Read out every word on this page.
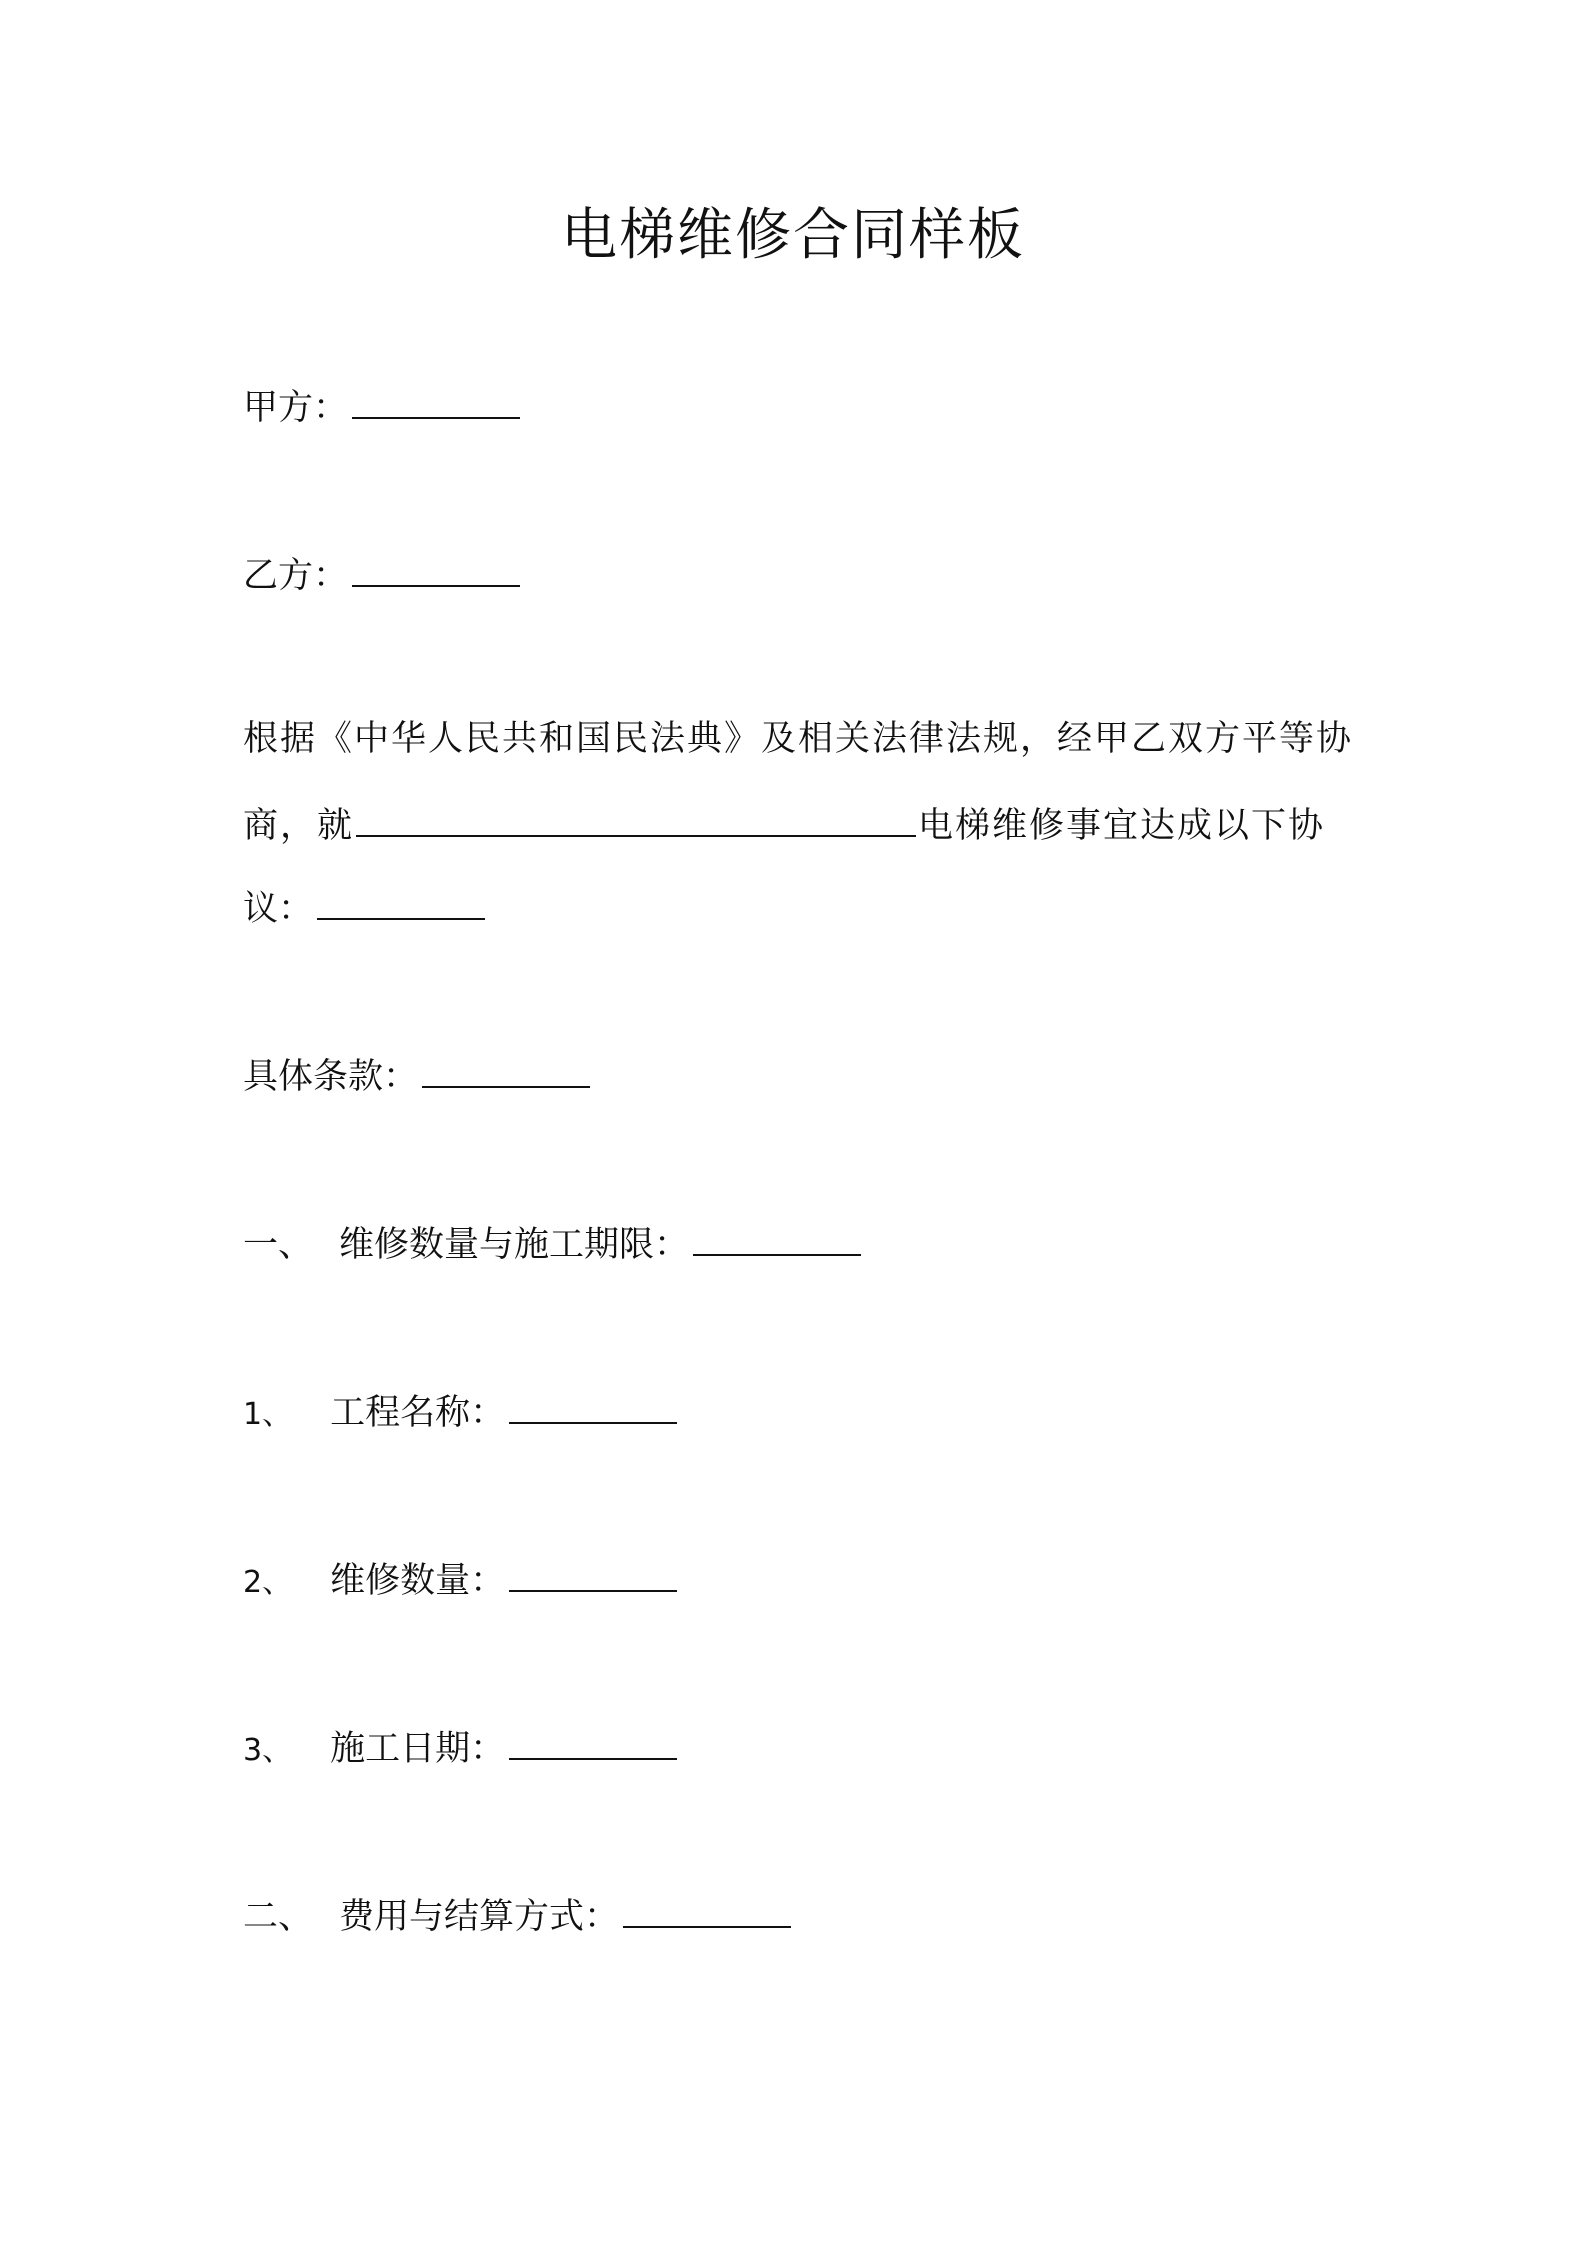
电梯维修合同样板
甲方：
乙方：
根据《中华人民共和国民法典》及相关法律法规，经甲乙双方平等协
商，就	电梯维修事宜达成以下协
议：
具体条款：
一、 维修数量与施工期限：
1、 工程名称：
2、 维修数量：
3、 施工日期：
二、 费用与结算方式：
